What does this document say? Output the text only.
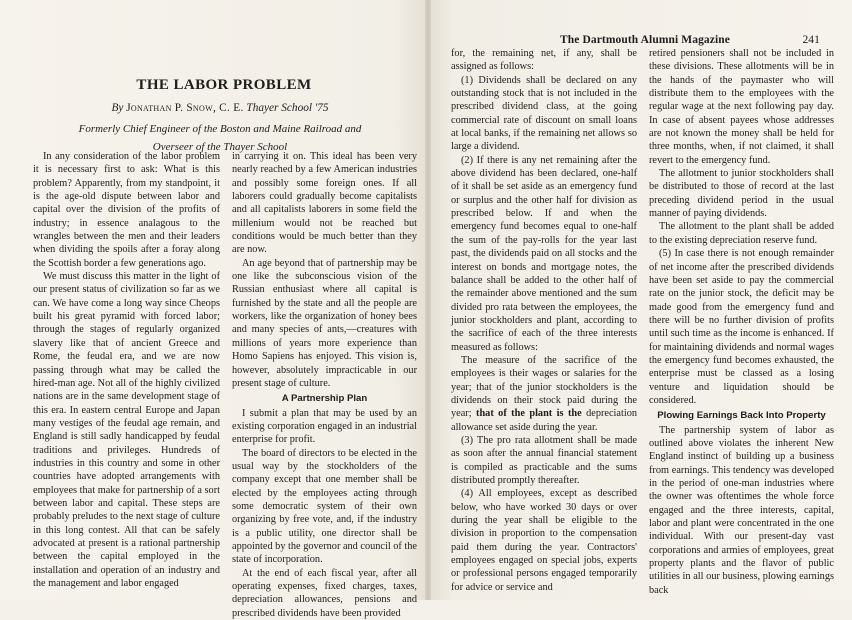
The Dartmouth Alumni Magazine	241
THE LABOR PROBLEM

By Jonathan P. Snow, C. E. Thayer School '75

Formerly Chief Engineer of the Boston and Maine Railroad and
Overseer of the Thayer School

In any consideration of the labor problem it is necessary first to ask: What is this problem? Apparently, from my standpoint, it is the age-old dispute between labor and capital over the division of the profits of industry; in essence analagous to the wrangles between the men and their leaders when dividing the spoils after a foray along the Scottish border a few generations ago.

We must discuss this matter in the light of our present status of civilization so far as we can. We have come a long way since Cheops built his great pyramid with forced labor; through the stages of regularly organized slavery like that of ancient Greece and Rome, the feudal era, and we are now passing through what may be called the hired-man age. Not all of the highly civilized nations are in the same development stage of this era. In eastern central Europe and Japan many vestiges of the feudal age remain, and England is still sadly handicapped by feudal traditions and privileges. Hundreds of industries in this country and some in other countries have adopted arrangements with employees that make for partnership of a sort between labor and capital. These steps are probably preludes to the next stage of culture in this long contest. All that can be safely advocated at present is a rational partnership between the capital employed in the installation and operation of an industry and the management and labor engaged

in carrying it on. This ideal has been very nearly reached by a few American industries and possibly some foreign ones. If all laborers could gradually become capitalists and all capitalists laborers in some field the millenium would not be reached but conditions would be much better than they are now.

An age beyond that of partnership may be one like the subconscious vision of the Russian enthusiast where all capital is furnished by the state and all the people are workers, like the organization of honey bees and many species of ants,—creatures with millions of years more experience than Homo Sapiens has enjoyed. This vision is, however, absolutely impracticable in our present stage of culture.

A Partnership Plan

I submit a plan that may be used by an existing corporation engaged in an industrial enterprise for profit.

The board of directors to be elected in the usual way by the stockholders of the company except that one member shall be elected by the employees acting through some democratic system of their own organizing by free vote, and, if the industry is a public utility, one director shall be appointed by the governor and council of the state of incorporation.

At the end of each fiscal year, after all operating expenses, fixed charges, taxes, depreciation allowances, pensions and prescribed dividends have been provided

for, the remaining net, if any, shall be assigned as follows:

(1) Dividends shall be declared on any outstanding stock that is not included in the prescribed dividend class, at the going commercial rate of discount on small loans at local banks, if the remaining net allows so large a dividend.

(2) If there is any net remaining after the above dividend has been declared, one-half of it shall be set aside as an emergency fund or surplus and the other half for division as prescribed below. If and when the emergency fund becomes equal to one-half the sum of the pay-rolls for the year last past, the dividends paid on all stocks and the interest on bonds and mortgage notes, the balance shall be added to the other half of the remainder above mentioned and the sum divided pro rata between the employees, the junior stockholders and plant, according to the sacrifice of each of the three interests measured as follows:

The measure of the sacrifice of the employees is their wages or salaries for the year; that of the junior stockholders is the dividends on their stock paid during the year; that of the plant is the depreciation allowance set aside during the year.

(3) The pro rata allotment shall be made as soon after the annual financial statement is compiled as practicable and the sums distributed promptly thereafter.

(4) All employees, except as described below, who have worked 30 days or over during the year shall be eligible to the division in proportion to the compensation paid them during the year. Contractors' employees engaged on special jobs, experts or professional persons engaged temporarily for advice or service and

retired pensioners shall not be included in these divisions. These allotments will be in the hands of the paymaster who will distribute them to the employees with the regular wage at the next following pay day. In case of absent payees whose addresses are not known the money shall be held for three months, when, if not claimed, it shall revert to the emergency fund.

The allotment to junior stockholders shall be distributed to those of record at the last preceding dividend period in the usual manner of paying dividends.

The allotment to the plant shall be added to the existing depreciation reserve fund.

(5) In case there is not enough remainder of net income after the prescribed dividends have been set aside to pay the commercial rate on the junior stock, the deficit may be made good from the emergency fund and there will be no further division of profits until such time as the income is enhanced. If for maintaining dividends and normal wages the emergency fund becomes exhausted, the enterprise must be classed as a losing venture and liquidation should be considered.

Plowing Earnings Back Into Property

The partnership system of labor as outlined above violates the inherent New England instinct of building up a business from earnings. This tendency was developed in the period of one-man industries where the owner was oftentimes the whole force engaged and the three interests, capital, labor and plant were concentrated in the one individual. With our present-day vast corporations and armies of employees, great property plants and the flavor of public utilities in all our business, plowing earnings back
